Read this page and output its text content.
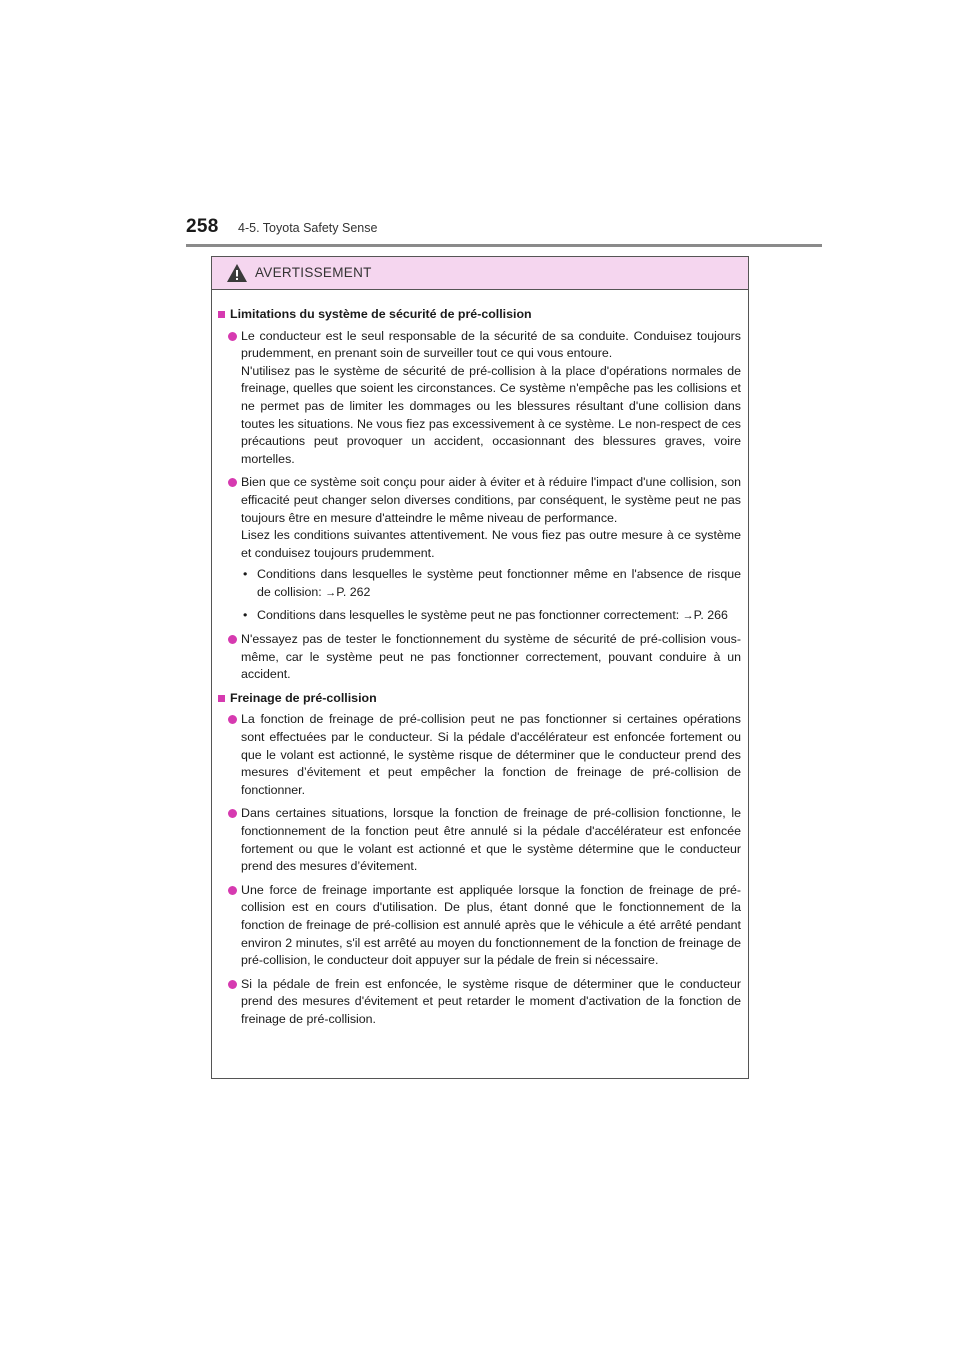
258 4-5. Toyota Safety Sense
AVERTISSEMENT
Limitations du système de sécurité de pré-collision

Le conducteur est le seul responsable de la sécurité de sa conduite. Conduisez toujours prudemment, en prenant soin de surveiller tout ce qui vous entoure.

N'utilisez pas le système de sécurité de pré-collision à la place d'opérations normales de freinage, quelles que soient les circonstances. Ce système n'empêche pas les collisions et ne permet pas de limiter les dommages ou les blessures résultant d'une collision dans toutes les situations. Ne vous fiez pas excessivement à ce système. Le non-respect de ces précautions peut provoquer un accident, occasionnant des blessures graves, voire mortelles.

Bien que ce système soit conçu pour aider à éviter et à réduire l'impact d'une collision, son efficacité peut changer selon diverses conditions, par conséquent, le système peut ne pas toujours être en mesure d'atteindre le même niveau de performance.

Lisez les conditions suivantes attentivement. Ne vous fiez pas outre mesure à ce système et conduisez toujours prudemment.

• Conditions dans lesquelles le système peut fonctionner même en l'absence de risque de collision: →P. 262
• Conditions dans lesquelles le système peut ne pas fonctionner correctement: →P. 266

N'essayez pas de tester le fonctionnement du système de sécurité de pré-collision vous-même, car le système peut ne pas fonctionner correctement, pouvant conduire à un accident.

Freinage de pré-collision

La fonction de freinage de pré-collision peut ne pas fonctionner si certaines opérations sont effectuées par le conducteur. Si la pédale d'accélérateur est enfoncée fortement ou que le volant est actionné, le système risque de déterminer que le conducteur prend des mesures d’évitement et peut empêcher la fonction de freinage de pré-collision de fonctionner.

Dans certaines situations, lorsque la fonction de freinage de pré-collision fonctionne, le fonctionnement de la fonction peut être annulé si la pédale d'accélérateur est enfoncée fortement ou que le volant est actionné et que le système détermine que le conducteur prend des mesures d’évitement.

Une force de freinage importante est appliquée lorsque la fonction de freinage de pré-collision est en cours d'utilisation. De plus, étant donné que le fonctionnement de la fonction de freinage de pré-collision est annulé après que le véhicule a été arrêté pendant environ 2 minutes, s'il est arrêté au moyen du fonctionnement de la fonction de freinage de pré-collision, le conducteur doit appuyer sur la pédale de frein si nécessaire.

Si la pédale de frein est enfoncée, le système risque de déterminer que le conducteur prend des mesures d'évitement et peut retarder le moment d'activation de la fonction de freinage de pré-collision.
